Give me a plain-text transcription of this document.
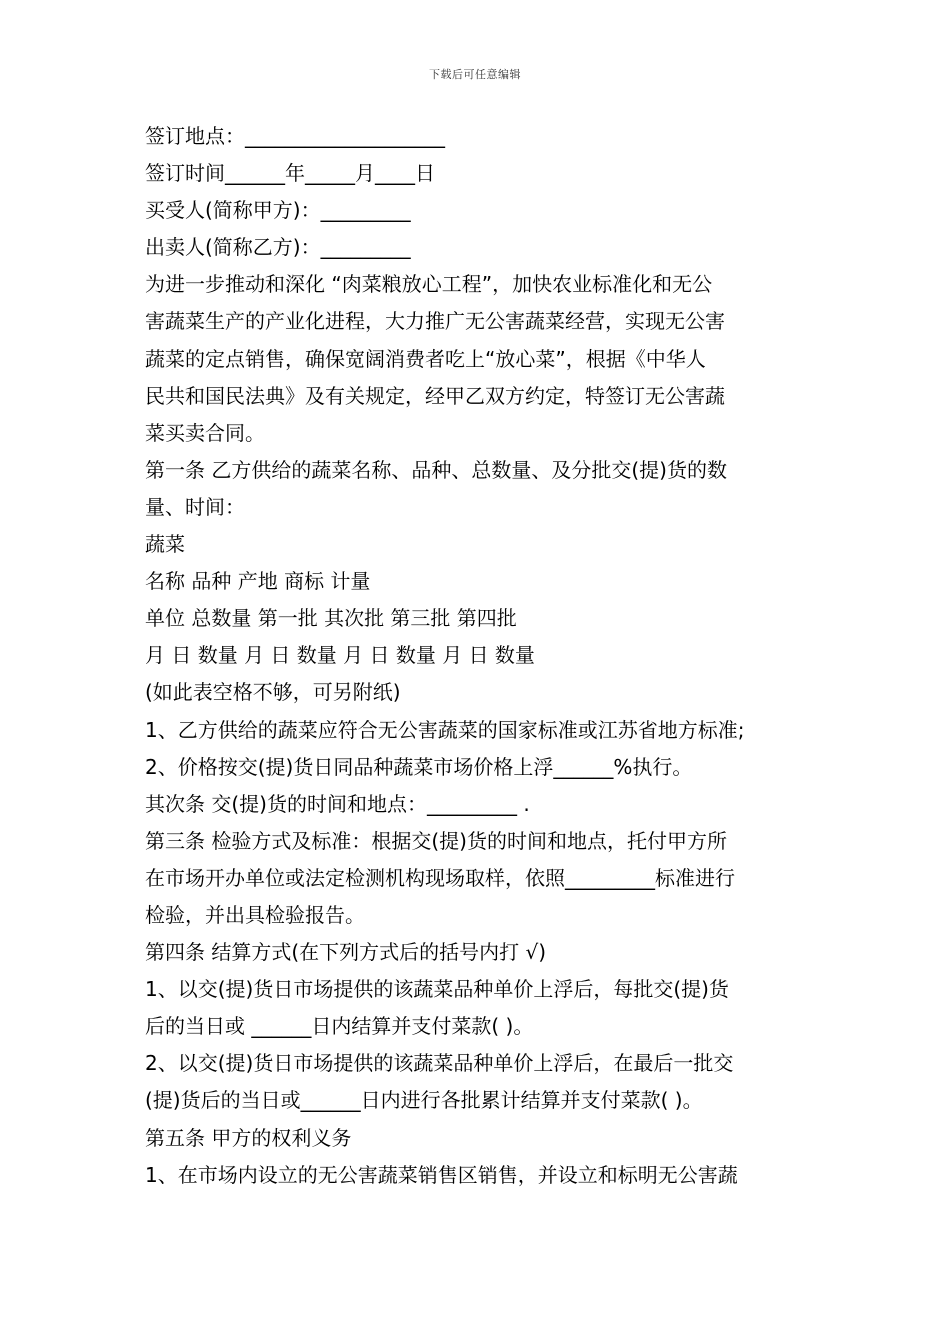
下载后可任意编辑
签订地点：____________________
签订时间______年_____月____日
买受人(简称甲方)：_________
出卖人(简称乙方)：_________
为进一步推动和深化 “肉菜粮放心工程”，加快农业标准化和无公
害蔬菜生产的产业化进程，大力推广无公害蔬菜经营，实现无公害
蔬菜的定点销售，确保宽阔消费者吃上“放心菜”，根据《中华人
民共和国民法典》及有关规定，经甲乙双方约定，特签订无公害蔬
菜买卖合同。
第一条 乙方供给的蔬菜名称、品种、总数量、及分批交(提)货的数
量、时间：
蔬菜
名称 品种 产地 商标 计量
单位 总数量 第一批 其次批 第三批 第四批
月 日 数量 月 日 数量 月 日 数量 月 日 数量
(如此表空格不够，可另附纸)
1、乙方供给的蔬菜应符合无公害蔬菜的国家标准或江苏省地方标准;
2、价格按交(提)货日同品种蔬菜市场价格上浮______%执行。
其次条 交(提)货的时间和地点：_________ .
第三条 检验方式及标准：根据交(提)货的时间和地点，托付甲方所
在市场开办单位或法定检测机构现场取样，依照_________标准进行
检验，并出具检验报告。
第四条 结算方式(在下列方式后的括号内打 √)
1、以交(提)货日市场提供的该蔬菜品种单价上浮后，每批交(提)货
后的当日或 ______日内结算并支付菜款( )。
2、以交(提)货日市场提供的该蔬菜品种单价上浮后，在最后一批交
(提)货后的当日或______日内进行各批累计结算并支付菜款( )。
第五条 甲方的权利义务
1、在市场内设立的无公害蔬菜销售区销售，并设立和标明无公害蔬
